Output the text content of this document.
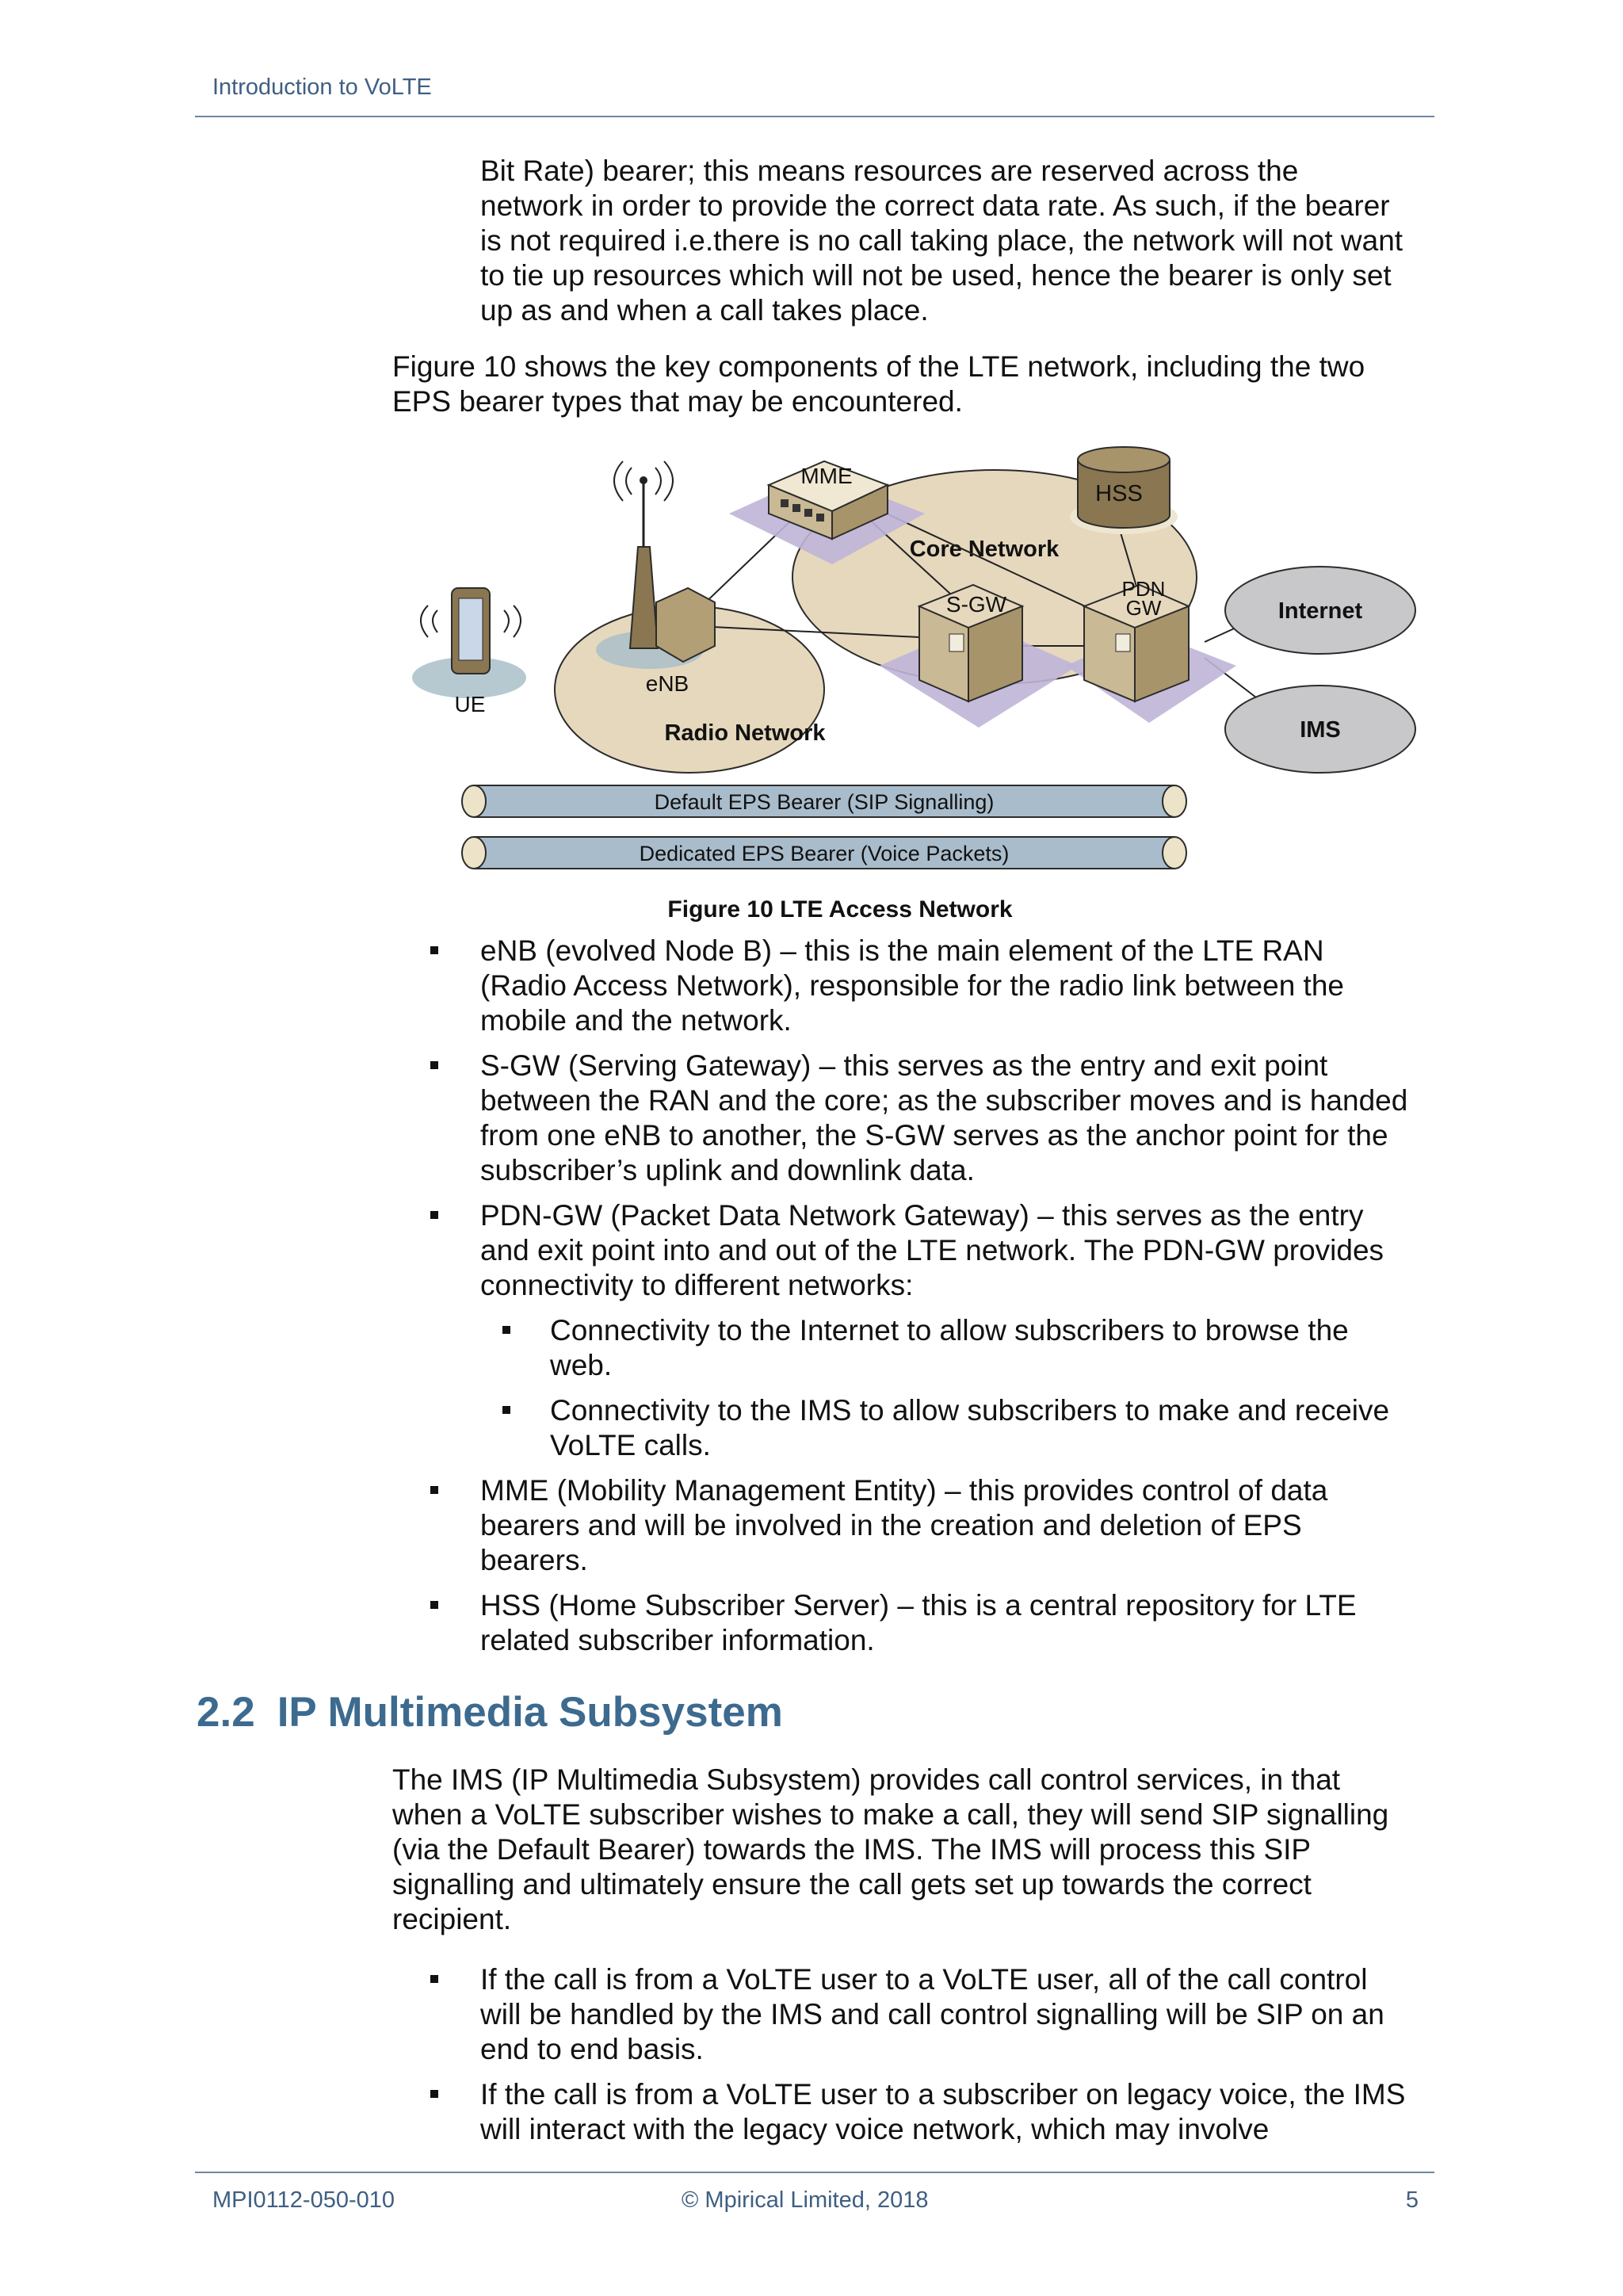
Introduction to VoLTE

Bit Rate) bearer; this means resources are reserved across the
network in order to provide the correct data rate. As such, if the bearer
is not required i.e.there is no call taking place, the network will not want
to tie up resources which will not be used, hence the bearer is only set
up as and when a call takes place.

Figure 10 shows the key components of the LTE network, including the two
EPS bearer types that may be encountered.

Radio Network
Core Network
UE
eNB
MME
HSS
S-GW
PDN
GW	Internet
IMS
Default EPS Bearer (SIP Signalling)
Dedicated EPS Bearer (Voice Packets)
Figure 10 LTE Access Network
eNB (evolved Node B) – this is the main element of the LTE RAN
(Radio Access Network), responsible for the radio link between the
mobile and the network.
S-GW (Serving Gateway) – this serves as the entry and exit point
between the RAN and the core; as the subscriber moves and is handed
from one eNB to another, the S-GW serves as the anchor point for the
subscriber’s uplink and downlink data.
PDN-GW (Packet Data Network Gateway) – this serves as the entry
and exit point into and out of the LTE network. The PDN-GW provides
connectivity to different networks:
Connectivity to the Internet to allow subscribers to browse the
web.
Connectivity to the IMS to allow subscribers to make and receive
VoLTE calls.
MME (Mobility Management Entity) – this provides control of data
bearers and will be involved in the creation and deletion of EPS
bearers.
HSS (Home Subscriber Server) – this is a central repository for LTE
related subscriber information.
2.2 IP Multimedia Subsystem

The IMS (IP Multimedia Subsystem) provides call control services, in that
when a VoLTE subscriber wishes to make a call, they will send SIP signalling
(via the Default Bearer) towards the IMS. The IMS will process this SIP
signalling and ultimately ensure the call gets set up towards the correct
recipient.

If the call is from a VoLTE user to a VoLTE user, all of the call control
will be handled by the IMS and call control signalling will be SIP on an
end to end basis.
If the call is from a VoLTE user to a subscriber on legacy voice, the IMS
will interact with the legacy voice network, which may involve
MPI0112-050-010	© Mpirical Limited, 2018	5
